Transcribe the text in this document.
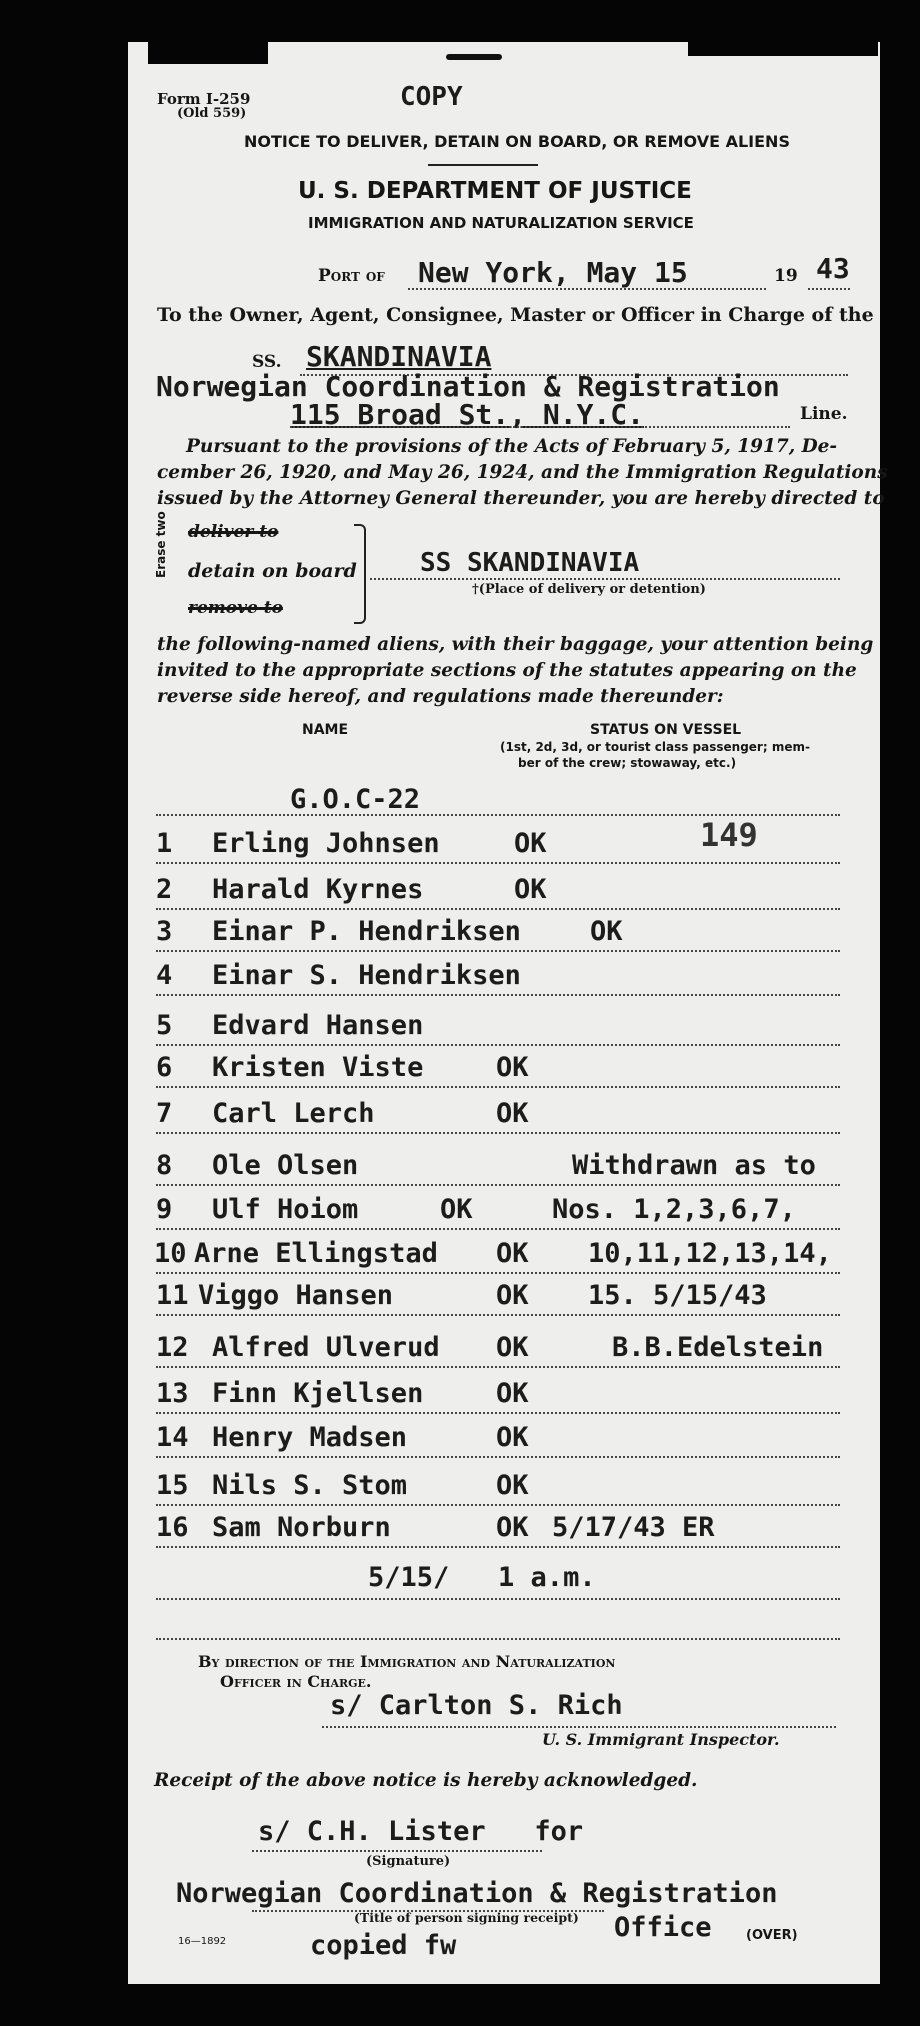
Form I-259
(Old 559)
COPY
NOTICE TO DELIVER, DETAIN ON BOARD, OR REMOVE ALIENS
U. S. DEPARTMENT OF JUSTICE
IMMIGRATION AND NATURALIZATION SERVICE
Port of New York, May 15	19 43
To the Owner, Agent, Consignee, Master or Officer in Charge of the
SS. SKANDINAVIA
Norwegian Coordination & Registration
115 Broad St., N.Y.C.	Line.
Pursuant to the provisions of the Acts of February 5, 1917, De-
cember 26, 1920, and May 26, 1924, and the Immigration Regulations
issued by the Attorney General thereunder, you are hereby directed to
Erase two deliver to
detain on board
remove to
SS SKANDINAVIA
†(Place of delivery or detention)
the following-named aliens, with their baggage, your attention being
invited to the appropriate sections of the statutes appearing on the
reverse side hereof, and regulations made thereunder:
NAME	STATUS ON VESSEL
(1st, 2d, 3d, or tourist class passenger; mem-
ber of the crew; stowaway, etc.)
G.O.C-22
149
1 Erling Johnsen	OK
2 Harald Kyrnes	OK
3 Einar P. Hendriksen	OK
4 Einar S. Hendriksen
5 Edvard Hansen
6 Kristen Viste	OK
7 Carl Lerch	OK
8 Ole Olsen	Withdrawn as to
9 Ulf Hoiom	OK	Nos. 1,2,3,6,7,
10 Arne Ellingstad OK 10,11,12,13,14,
11 Viggo Hansen	OK 15. 5/15/43
12 Alfred Ulverud OK	B.B.Edelstein
13 Finn Kjellsen	OK
14 Henry Madsen	OK
15 Nils S. Stom	OK
16 Sam Norburn	OK 5/17/43 ER
5/15/   1 a.m.
By direction of the Immigration and Naturalization
Officer in Charge.
s/ Carlton S. Rich
U. S. Immigrant Inspector.
Receipt of the above notice is hereby acknowledged.
s/ C.H. Lister   for
(Signature)
Norwegian Coordination & Registration
(Title of person signing receipt) Office	(OVER)
16—1892	copied fw
